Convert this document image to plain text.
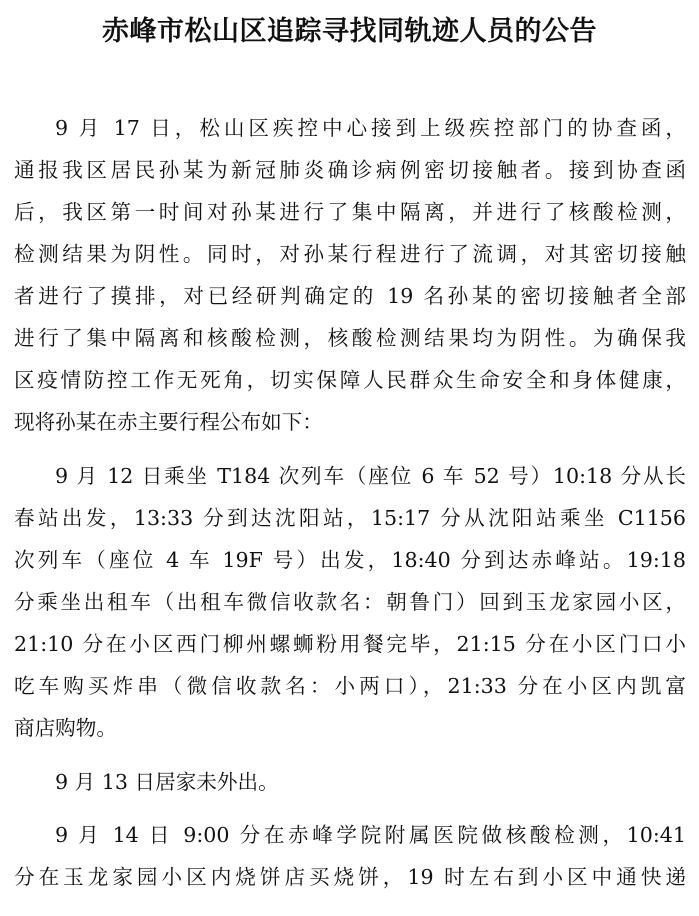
赤峰市松山区追踪寻找同轨迹人员的公告
9 月 17 日，松山区疾控中心接到上级疾控部门的协查函，
通报我区居民孙某为新冠肺炎确诊病例密切接触者。接到协查函
后，我区第一时间对孙某进行了集中隔离，并进行了核酸检测，
检测结果为阴性。同时，对孙某行程进行了流调，对其密切接触
者进行了摸排，对已经研判确定的 19 名孙某的密切接触者全部
进行了集中隔离和核酸检测，核酸检测结果均为阴性。为确保我
区疫情防控工作无死角，切实保障人民群众生命安全和身体健康，
现将孙某在赤主要行程公布如下：
9 月 12 日乘坐 T184 次列车（座位 6 车 52 号）10:18 分从长
春站出发，13:33 分到达沈阳站，15:17 分从沈阳站乘坐 C1156
次列车（座位 4 车 19F 号）出发，18:40 分到达赤峰站。19:18
分乘坐出租车（出租车微信收款名：朝鲁门）回到玉龙家园小区，
21:10 分在小区西门柳州螺蛳粉用餐完毕，21:15 分在小区门口小
吃车购买炸串（微信收款名：小两口），21:33 分在小区内凯富
商店购物。
9 月 13 日居家未外出。
9 月 14 日 9:00 分在赤峰学院附属医院做核酸检测，10:41
分在玉龙家园小区内烧饼店买烧饼，19 时左右到小区中通快递
